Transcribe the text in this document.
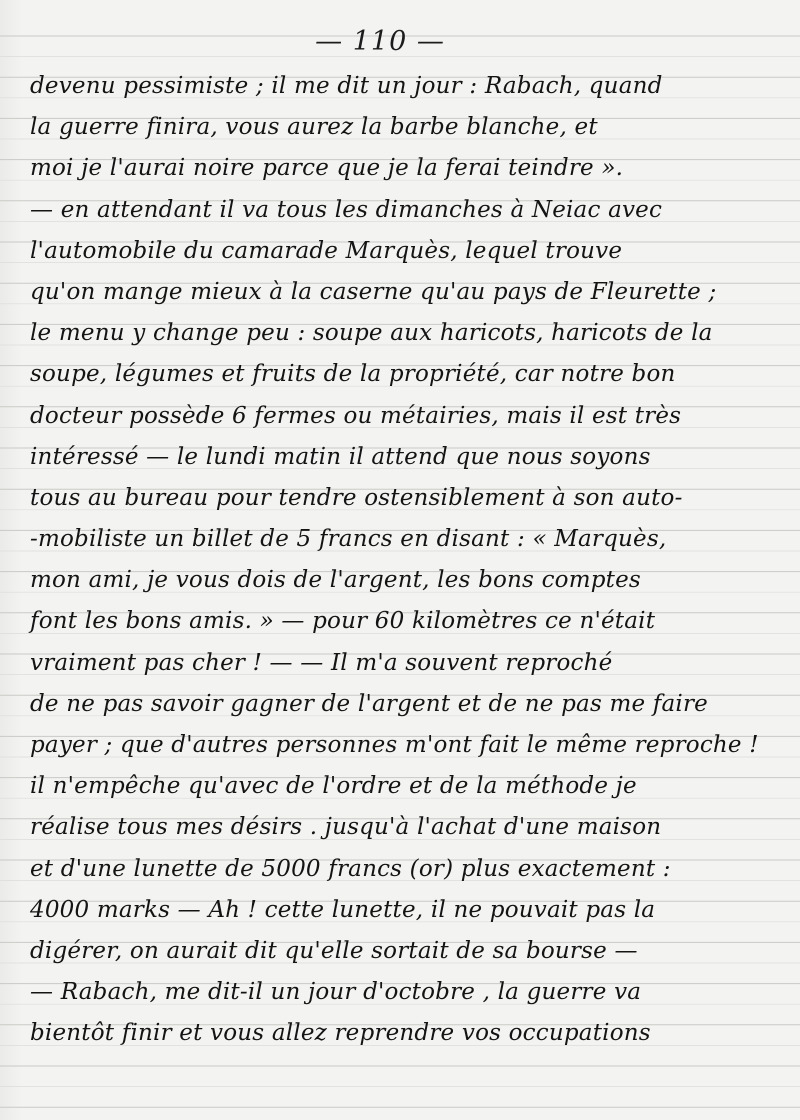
— 110 —
devenu pessimiste ; il me dit un jour : Rabach, quand
la guerre finira, vous aurez la barbe blanche, et
moi je l'aurai noire parce que je la ferai teindre ».
— en attendant il va tous les dimanches à Neiac avec
l'automobile du camarade Marquès, lequel trouve
qu'on mange mieux à la caserne qu'au pays de Fleurette ;
le menu y change peu : soupe aux haricots, haricots de la
soupe, légumes et fruits de la propriété, car notre bon
docteur possède 6 fermes ou métairies, mais il est très
intéressé — le lundi matin il attend que nous soyons
tous au bureau pour tendre ostensiblement à son auto-
-mobiliste un billet de 5 francs en disant : « Marquès,
mon ami, je vous dois de l'argent, les bons comptes
font les bons amis. » — pour 60 kilomètres ce n'était
vraiment pas cher ! — — Il m'a souvent reproché
de ne pas savoir gagner de l'argent et de ne pas me faire
payer ; que d'autres personnes m'ont fait le même reproche !
il n'empêche qu'avec de l'ordre et de la méthode je
réalise tous mes désirs . jusqu'à l'achat d'une maison
et d'une lunette de 5000 francs (or) plus exactement :
4000 marks — Ah ! cette lunette, il ne pouvait pas la
digérer, on aurait dit qu'elle sortait de sa bourse —
— Rabach, me dit-il un jour d'octobre , la guerre va
bientôt finir et vous allez reprendre vos occupations
